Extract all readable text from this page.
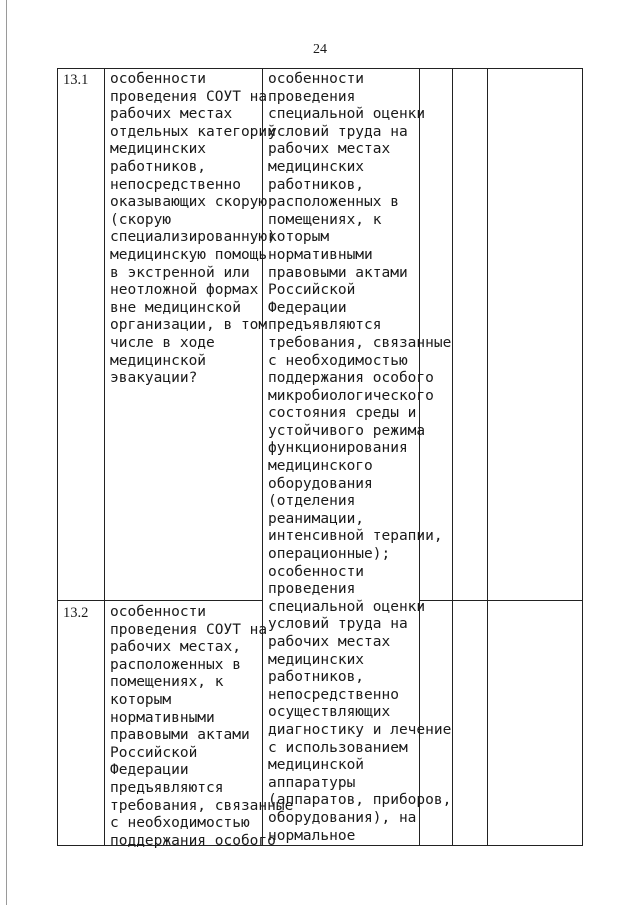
24
13.1 особенности
проведения СОУТ на
рабочих местах
отдельных категорий
медицинских
работников,
непосредственно
оказывающих скорую
(скорую
специализированную)
медицинскую помощь
в экстренной или
неотложной формах
вне медицинской
организации, в том
числе в ходе
медицинской
эвакуации?
13.2 особенности
проведения СОУТ на
рабочих местах,
расположенных в
помещениях, к
которым
нормативными
правовыми актами
Российской
Федерации
предъявляются
требования, связанные
с необходимостью
поддержания особого
особенности
проведения
специальной оценки
условий труда на
рабочих местах
медицинских
работников,
расположенных в
помещениях, к
которым
нормативными
правовыми актами
Российской
Федерации
предъявляются
требования, связанные
с необходимостью
поддержания особого
микробиологического
состояния среды и
устойчивого режима
функционирования
медицинского
оборудования
(отделения
реанимации,
интенсивной терапии,
операционные);
особенности
проведения
специальной оценки
условий труда на
рабочих местах
медицинских
работников,
непосредственно
осуществляющих
диагностику и лечение
с использованием
медицинской
аппаратуры
(аппаратов, приборов,
оборудования), на
нормальное
